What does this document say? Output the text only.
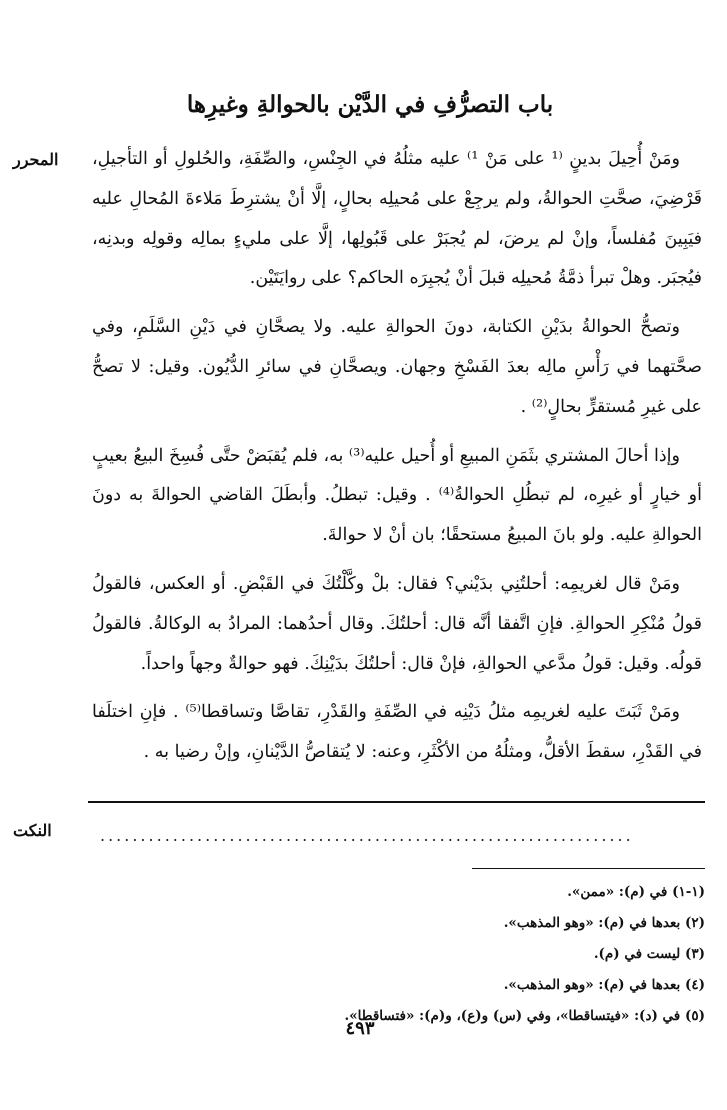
باب التصرُّفِ في الدَّيْن بالحوالةِ وغيرِها
المحرر	ومَنْ أُحِيلَ بدينٍ ⁽¹ على مَنْ ¹⁾ عليه مثلُهُ في الجِنْسِ، والصِّفَةِ، والحُلولِ أو التأجيلِ، قَرْضِيَ، صحَّتِ الحوالةُ، ولم يرجِعْ على مُحيلِه بحالٍ، إلَّا أنْ يشترِطَ مَلاءةَ المُحالِ عليه فيَبِينَ مُفلساً، وإنْ لم يرضَ، لم يُجبَرْ على قَبُولِها، إلَّا على مليءٍ بمالِه وقولِه وبدنِه، فيُجبَر. وهلْ تبرأ ذمَّةُ مُحيلِه قبلَ أنْ يُجبِرَه الحاكم؟ على روايَتَيْن.

وتصحُّ الحوالةُ بدَيْنِ الكتابة، دونَ الحوالةِ عليه. ولا يصحَّانِ في دَيْنِ السَّلَمِ، وفي صحَّتهما في رَأْسِ مالِه بعدَ الفَسْخِ وجهان. ويصحَّانِ في سائرِ الدُّيُون. وقيل: لا تصحُّ على غيرِ مُستقرٍّ بحالٍ⁽²⁾ .

وإذا أحالَ المشتري بثَمَنِ المبيعِ أو أُحيل عليه⁽³⁾ به، فلم يُقبَضْ حتَّى فُسِخَ البيعُ بعيبٍ أو خيارٍ أو غيرِه، لم تبطُلِ الحوالةُ⁽⁴⁾ . وقيل: تبطلُ. وأبطَلَ القاضي الحوالةَ به دونَ الحوالةِ عليه. ولو بانَ المبيعُ مستحقًا؛ بان أنْ لا حوالةَ.

ومَنْ قال لغريمِه: أحلتُنِي بدَيْني؟ فقال: بلْ وكَّلْتُكَ في القَبْضِ. أو العكس، فالقولُ قولُ مُنْكِرِ الحوالةِ. فإنِ اتَّفقا أنَّه قال: أحلتُكَ. وقال أحدُهما: المرادُ به الوكالةُ. فالقولُ قولُه. وقيل: قولُ مدَّعي الحوالةِ، فإنْ قال: أحلتُكَ بدَيْنِكَ. فهو حوالةٌ وجهاً واحداً.

ومَنْ ثَبَتَ عليه لغريمِه مثلُ دَيْنِه في الصِّفَةِ والقَدْرِ، تقاصَّا وتساقطا⁽⁵⁾ . فإنِ اختلَفا في القَدْرِ، سقطَ الأقلُّ، ومثلُهُ من الأكْثَرِ، وعنه: لا يُتقاصُّ الدَّيْنانِ، وإنْ رضيا به .

النكت	..................................................................

(١-١) في (م): «ممن».

(٢) بعدها في (م): «وهو المذهب».

(٣) ليست في (م).

(٤) بعدها في (م): «وهو المذهب».

(٥) في (د): «فيتساقطا»، وفي (س) و(ع)، و(م): «فتساقطا».

٤٩٣
